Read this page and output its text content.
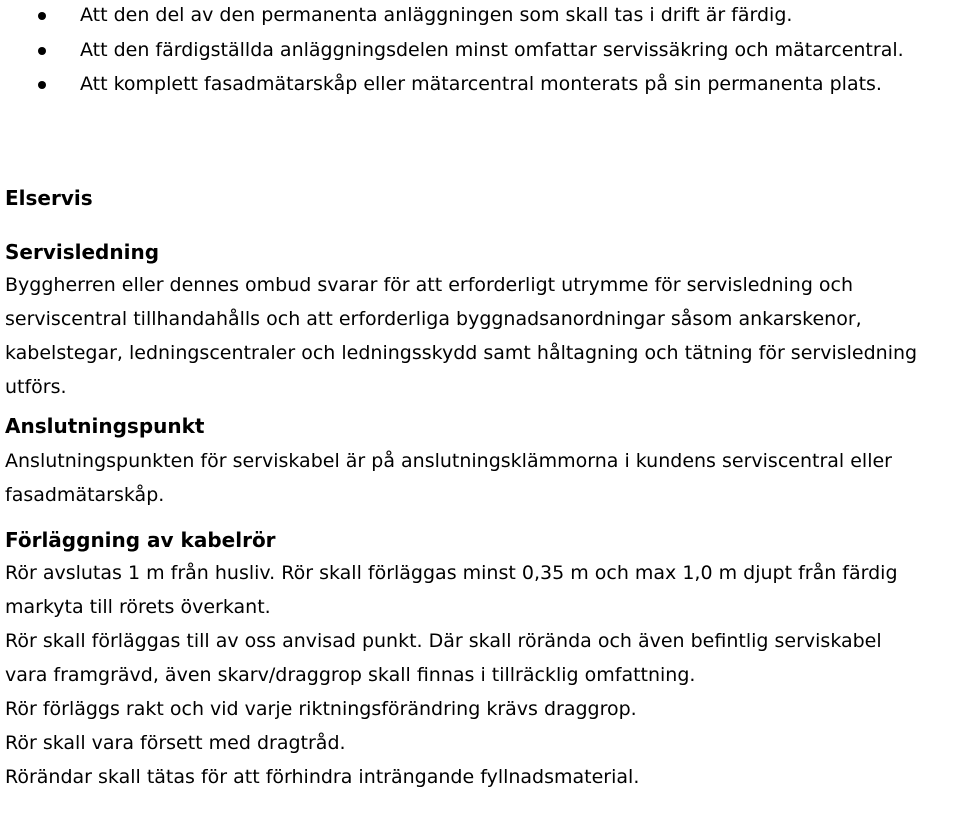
Att den del av den permanenta anläggningen som skall tas i drift är färdig.
Att den färdigställda anläggningsdelen minst omfattar servissäkring och mätarcentral.
Att komplett fasadmätarskåp eller mätarcentral monterats på sin permanenta plats.
Elservis
Servisledning

Byggherren eller dennes ombud svarar för att erforderligt utrymme för servisledning och

serviscentral tillhandahålls och att erforderliga byggnadsanordningar såsom ankarskenor,

kabelstegar, ledningscentraler och ledningsskydd samt håltagning och tätning för servisledning

utförs.

Anslutningspunkt

Anslutningspunkten för serviskabel är på anslutningsklämmorna i kundens serviscentral eller

fasadmätarskåp.

Förläggning av kabelrör

Rör avslutas 1 m från husliv. Rör skall förläggas minst 0,35 m och max 1,0 m djupt från färdig

markyta till rörets överkant.

Rör skall förläggas till av oss anvisad punkt. Där skall rörända och även befintlig serviskabel

vara framgrävd, även skarv/draggrop skall finnas i tillräcklig omfattning.

Rör förläggs rakt och vid varje riktningsförändring krävs draggrop.

Rör skall vara försett med dragtråd.

Rörändar skall tätas för att förhindra inträngande fyllnadsmaterial.
